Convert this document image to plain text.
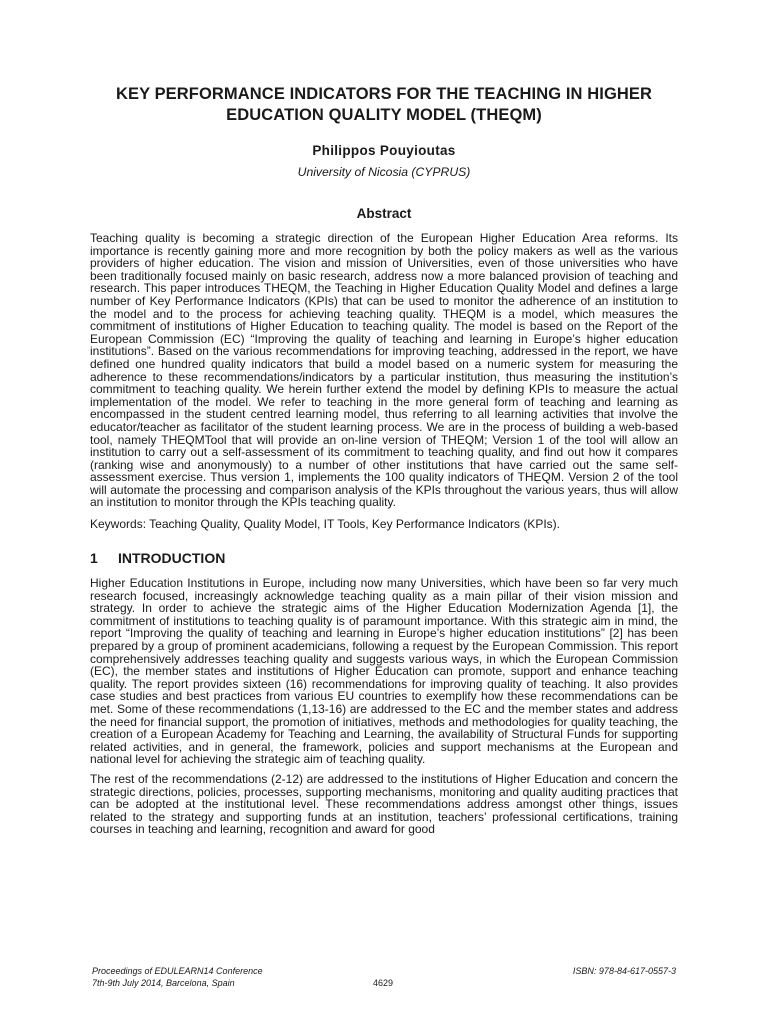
KEY PERFORMANCE INDICATORS FOR THE TEACHING IN HIGHER EDUCATION QUALITY MODEL (THEQM)
Philippos Pouyioutas
University of Nicosia (CYPRUS)
Abstract

Teaching quality is becoming a strategic direction of the European Higher Education Area reforms. Its importance is recently gaining more and more recognition by both the policy makers as well as the various providers of higher education. The vision and mission of Universities, even of those universities who have been traditionally focused mainly on basic research, address now a more balanced provision of teaching and research. This paper introduces THEQM, the Teaching in Higher Education Quality Model and defines a large number of Key Performance Indicators (KPIs) that can be used to monitor the adherence of an institution to the model and to the process for achieving teaching quality. THEQM is a model, which measures the commitment of institutions of Higher Education to teaching quality. The model is based on the Report of the European Commission (EC) “Improving the quality of teaching and learning in Europe’s higher education institutions”. Based on the various recommendations for improving teaching, addressed in the report, we have defined one hundred quality indicators that build a model based on a numeric system for measuring the adherence to these recommendations/indicators by a particular institution, thus measuring the institution’s commitment to teaching quality. We herein further extend the model by defining KPIs to measure the actual implementation of the model. We refer to teaching in the more general form of teaching and learning as encompassed in the student centred learning model, thus referring to all learning activities that involve the educator/teacher as facilitator of the student learning process. We are in the process of building a web-based tool, namely THEQMTool that will provide an on-line version of THEQM; Version 1 of the tool will allow an institution to carry out a self-assessment of its commitment to teaching quality, and find out how it compares (ranking wise and anonymously) to a number of other institutions that have carried out the same self-assessment exercise. Thus version 1, implements the 100 quality indicators of THEQM. Version 2 of the tool will automate the processing and comparison analysis of the KPIs throughout the various years, thus will allow an institution to monitor through the KPIs teaching quality.

Keywords: Teaching Quality, Quality Model, IT Tools, Key Performance Indicators (KPIs).
1	INTRODUCTION

Higher Education Institutions in Europe, including now many Universities, which have been so far very much research focused, increasingly acknowledge teaching quality as a main pillar of their vision mission and strategy. In order to achieve the strategic aims of the Higher Education Modernization Agenda [1], the commitment of institutions to teaching quality is of paramount importance. With this strategic aim in mind, the report “Improving the quality of teaching and learning in Europe’s higher education institutions” [2] has been prepared by a group of prominent academicians, following a request by the European Commission. This report comprehensively addresses teaching quality and suggests various ways, in which the European Commission (EC), the member states and institutions of Higher Education can promote, support and enhance teaching quality. The report provides sixteen (16) recommendations for improving quality of teaching. It also provides case studies and best practices from various EU countries to exemplify how these recommendations can be met. Some of these recommendations (1,13-16) are addressed to the EC and the member states and address the need for financial support, the promotion of initiatives, methods and methodologies for quality teaching, the creation of a European Academy for Teaching and Learning, the availability of Structural Funds for supporting related activities, and in general, the framework, policies and support mechanisms at the European and national level for achieving the strategic aim of teaching quality.

The rest of the recommendations (2-12) are addressed to the institutions of Higher Education and concern the strategic directions, policies, processes, supporting mechanisms, monitoring and quality auditing practices that can be adopted at the institutional level. These recommendations address amongst other things, issues related to the strategy and supporting funds at an institution, teachers’ professional certifications, training courses in teaching and learning, recognition and award for good

Proceedings of EDULEARN14 Conference
7th-9th July 2014, Barcelona, Spain
ISBN: 978-84-617-0557-3
4629
